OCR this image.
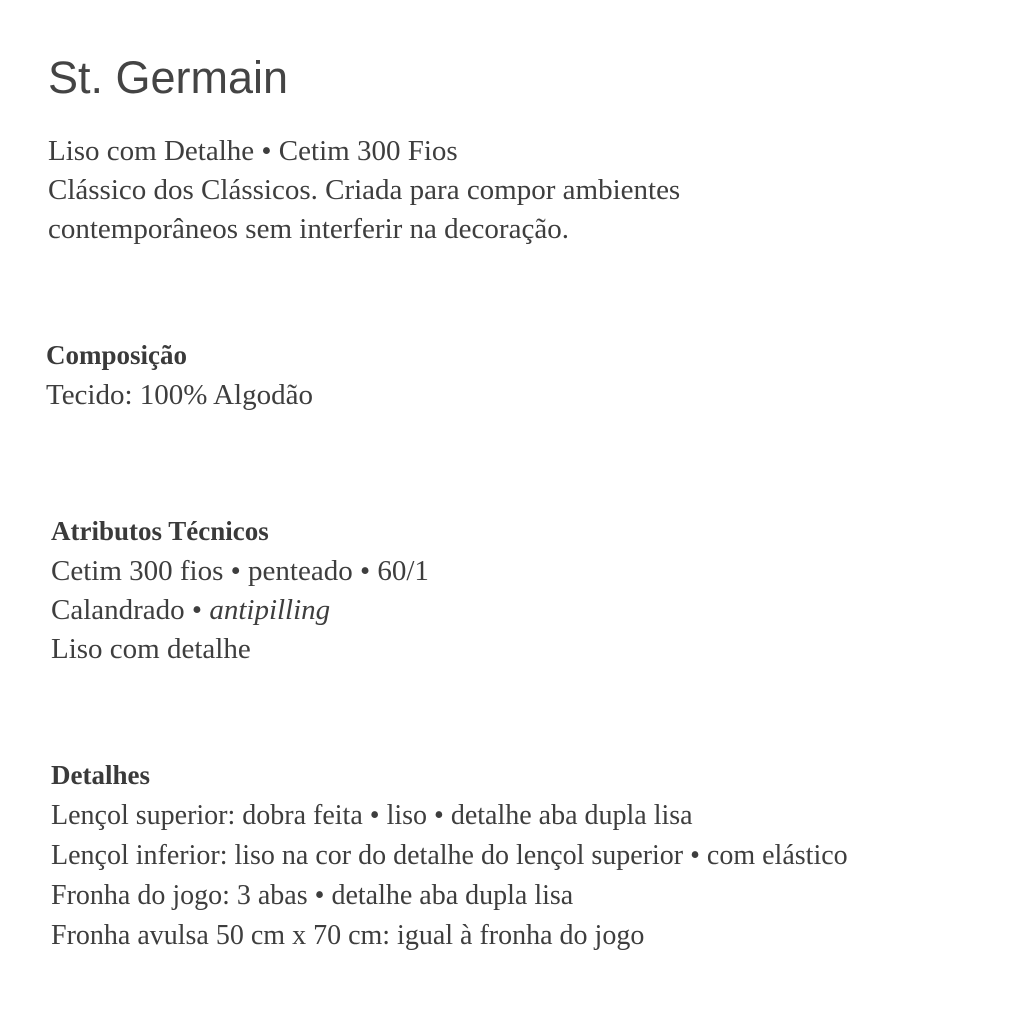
St. Germain
Liso com Detalhe • Cetim 300 Fios
Clássico dos Clássicos. Criada para compor ambientes
contemporâneos sem interferir na decoração.
Composição
Tecido: 100% Algodão
Atributos Técnicos
Cetim 300 fios • penteado • 60/1
Calandrado • antipilling
Liso com detalhe
Detalhes
Lençol superior: dobra feita • liso • detalhe aba dupla lisa
Lençol inferior: liso na cor do detalhe do lençol superior • com elástico
Fronha do jogo: 3 abas • detalhe aba dupla lisa
Fronha avulsa 50 cm x 70 cm: igual à fronha do jogo
